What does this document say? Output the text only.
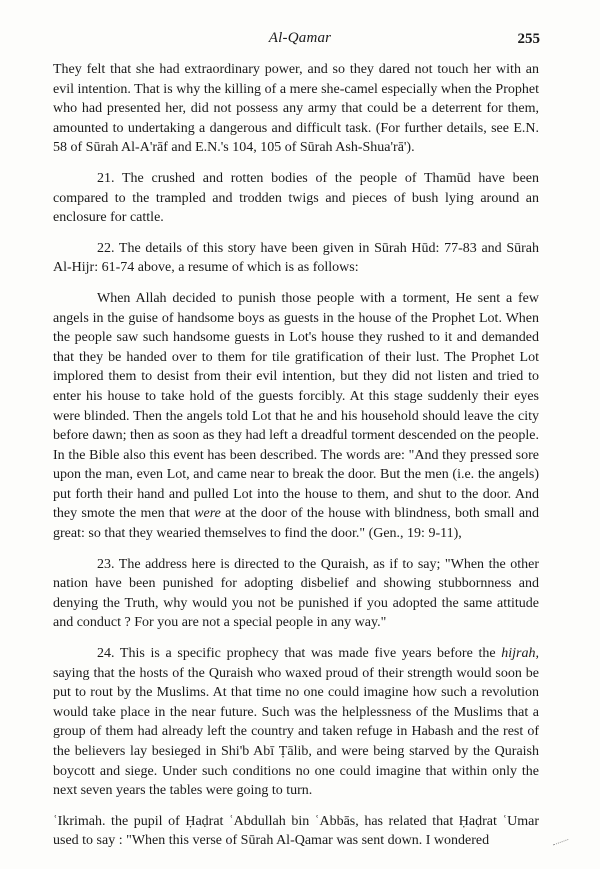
Al-Qamar	255

They felt that she had extraordinary power, and so they dared not touch her with an evil intention. That is why the killing of a mere she-camel especially when the Prophet who had presented her, did not possess any army that could be a deterrent for them, amounted to undertaking a dangerous and difficult task. (For further details, see E.N. 58 of Sūrah Al-A'rāf and E.N.'s 104, 105 of Sūrah Ash-Shua'rā').

21. The crushed and rotten bodies of the people of Thamūd have been compared to the trampled and trodden twigs and pieces of bush lying around an enclosure for cattle.

22. The details of this story have been given in Sūrah Hūd: 77-83 and Sūrah Al-Hijr: 61-74 above, a resume of which is as follows:

When Allah decided to punish those people with a torment, He sent a few angels in the guise of handsome boys as guests in the house of the Prophet Lot. When the people saw such handsome guests in Lot's house they rushed to it and demanded that they be handed over to them for tile gratification of their lust. The Prophet Lot implored them to desist from their evil intention, but they did not listen and tried to enter his house to take hold of the guests forcibly. At this stage suddenly their eyes were blinded. Then the angels told Lot that he and his household should leave the city before dawn; then as soon as they had left a dreadful torment descended on the people. In the Bible also this event has been described. The words are: "And they pressed sore upon the man, even Lot, and came near to break the door. But the men (i.e. the angels) put forth their hand and pulled Lot into the house to them, and shut to the door. And they smote the men that were at the door of the house with blindness, both small and great: so that they wearied themselves to find the door." (Gen., 19: 9-11),

23. The address here is directed to the Quraish, as if to say; "When the other nation have been punished for adopting disbelief and showing stubbornness and denying the Truth, why would you not be punished if you adopted the same attitude and conduct ? For you are not a special people in any way."

24. This is a specific prophecy that was made five years before the hijrah, saying that the hosts of the Quraish who waxed proud of their strength would soon be put to rout by the Muslims. At that time no one could imagine how such a revolution would take place in the near future. Such was the helplessness of the Muslims that a group of them had already left the country and taken refuge in Habash and the rest of the believers lay besieged in Shi'b Abī Ṭālib, and were being starved by the Quraish boycott and siege. Under such conditions no one could imagine that within only the next seven years the tables were going to turn.

ʿIkrimah. the pupil of Ḥaḍrat ʿAbdullah bin ʿAbbās, has related that Ḥaḍrat ʿUmar used to say : "When this verse of Sūrah Al-Qamar was sent down. I wondered
